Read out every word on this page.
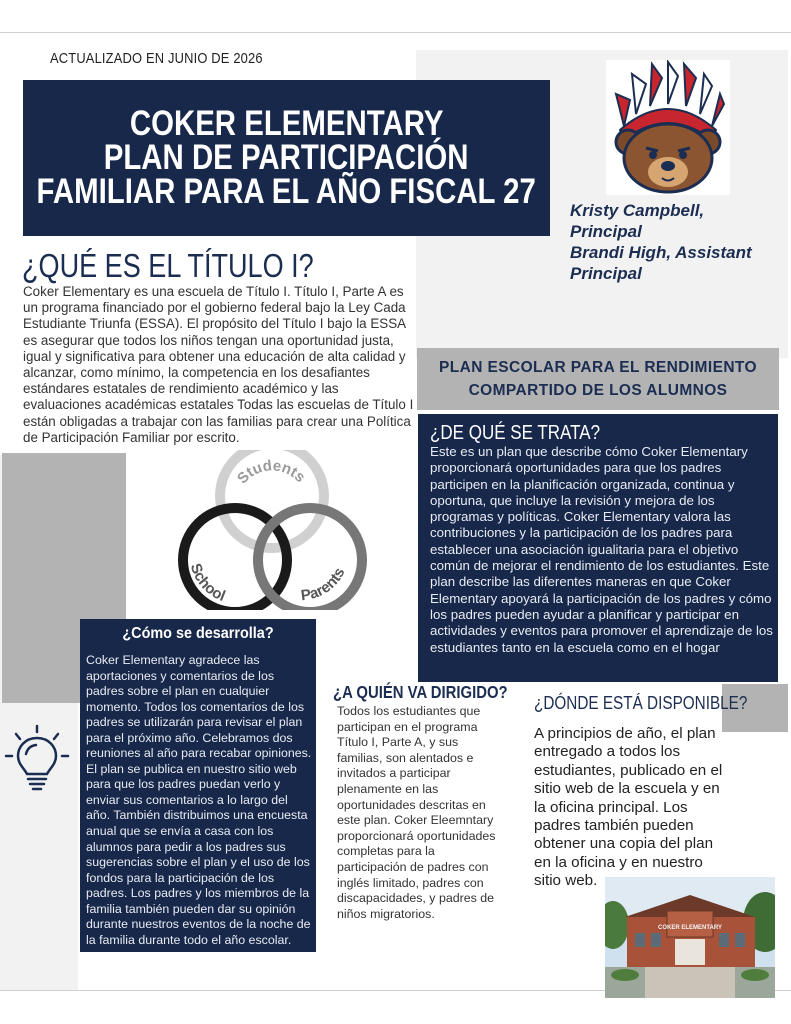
ACTUALIZADO EN JUNIO DE 2026
COKER ELEMENTARY
PLAN DE PARTICIPACIÓN
FAMILIAR PARA EL AÑO FISCAL 27 Kristy Campbell, Principal
Brandi High, Assistant Principal
¿QUÉ ES EL TÍTULO I?
Coker Elementary es una escuela de Título I. Título I, Parte A es un programa financiado por el gobierno federal bajo la Ley Cada Estudiante Triunfa (ESSA). El propósito del Título I bajo la ESSA es asegurar que todos los niños tengan una oportunidad justa, igual y significativa para obtener una educación de alta calidad y alcanzar, como mínimo, la competencia en los desafiantes estándares estatales de rendimiento académico y las evaluaciones académicas estatales Todas las escuelas de Título I están obligadas a trabajar con las familias para crear una Política de Participación Familiar por escrito.
Students
School	Parents
PLAN ESCOLAR PARA EL RENDIMIENTO
COMPARTIDO DE LOS ALUMNOS
¿DE QUÉ SE TRATA?
Este es un plan que describe cómo Coker Elementary proporcionará oportunidades para que los padres participen en la planificación organizada, continua y oportuna, que incluye la revisión y mejora de los programas y políticas. Coker Elementary valora las contribuciones y la participación de los padres para establecer una asociación igualitaria para el objetivo común de mejorar el rendimiento de los estudiantes. Este plan describe las diferentes maneras en que Coker Elementary apoyará la participación de los padres y cómo los padres pueden ayudar a planificar y participar en actividades y eventos para promover el aprendizaje de los estudiantes tanto en la escuela como en el hogar
¿Cómo se desarrolla?
Coker Elementary agradece las aportaciones y comentarios de los padres sobre el plan en cualquier momento. Todos los comentarios de los padres se utilizarán para revisar el plan para el próximo año. Celebramos dos reuniones al año para recabar opiniones. El plan se publica en nuestro sitio web para que los padres puedan verlo y enviar sus comentarios a lo largo del año. También distribuimos una encuesta anual que se envía a casa con los alumnos para pedir a los padres sus sugerencias sobre el plan y el uso de los fondos para la participación de los padres. Los padres y los miembros de la familia también pueden dar su opinión durante nuestros eventos de la noche de la familia durante todo el año escolar.
¿A QUIÉN VA DIRIGIDO?
Todos los estudiantes que participan en el programa Título I, Parte A, y sus familias, son alentados e invitados a participar plenamente en las oportunidades descritas en este plan. Coker Eleemntary proporcionará oportunidades completas para la participación de padres con inglés limitado, padres con discapacidades, y padres de niños migratorios.
¿DÓNDE ESTÁ DISPONIBLE?
A principios de año, el plan entregado a todos los estudiantes, publicado en el sitio web de la escuela y en la oficina principal. Los padres también pueden obtener una copia del plan en la oficina y en nuestro sitio web.
COKER ELEMENTARY
